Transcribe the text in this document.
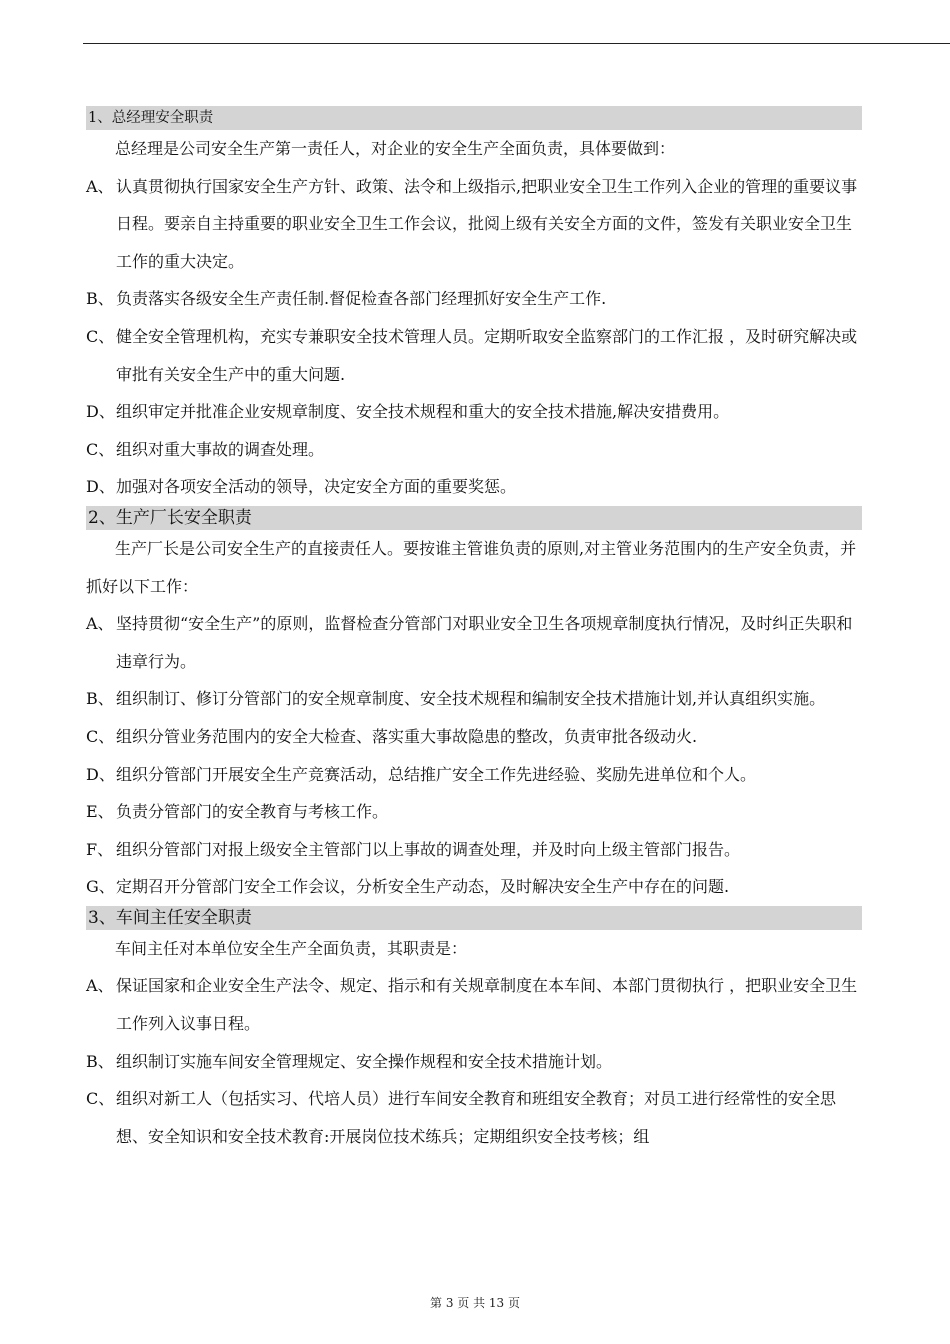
1、总经理安全职责

总经理是公司安全生产第一责任人，对企业的安全生产全面负责，具体要做到：

A、 认真贯彻执行国家安全生产方针、政策、法令和上级指示,把职业安全卫生工作列入企业的管理的重要议事日程。要亲自主持重要的职业安全卫生工作会议，批阅上级有关安全方面的文件，签发有关职业安全卫生工作的重大决定。
B、 负责落实各级安全生产责任制.督促检查各部门经理抓好安全生产工作.
C、 健全安全管理机构，充实专兼职安全技术管理人员。定期听取安全监察部门的工作汇报 ，及时研究解决或审批有关安全生产中的重大问题.
D、 组织审定并批准企业安规章制度、安全技术规程和重大的安全技术措施,解决安措费用。
C、 组织对重大事故的调查处理。
D、 加强对各项安全活动的领导，决定安全方面的重要奖惩。
2、生产厂长安全职责

生产厂长是公司安全生产的直接责任人。要按谁主管谁负责的原则,对主管业务范围内的生产安全负责，并抓好以下工作：

A、 坚持贯彻“安全生产”的原则，监督检查分管部门对职业安全卫生各项规章制度执行情况，及时纠正失职和违章行为。
B、 组织制订、修订分管部门的安全规章制度、安全技术规程和编制安全技术措施计划,并认真组织实施。
C、 组织分管业务范围内的安全大检查、落实重大事故隐患的整改，负责审批各级动火.
D、 组织分管部门开展安全生产竞赛活动，总结推广安全工作先进经验、奖励先进单位和个人。
E、 负责分管部门的安全教育与考核工作。
F、 组织分管部门对报上级安全主管部门以上事故的调查处理，并及时向上级主管部门报告。
G、 定期召开分管部门安全工作会议，分析安全生产动态，及时解决安全生产中存在的问题.
3、车间主任安全职责

车间主任对本单位安全生产全面负责，其职责是：

A、 保证国家和企业安全生产法令、规定、指示和有关规章制度在本车间、本部门贯彻执行 ，把职业安全卫生工作列入议事日程。
B、 组织制订实施车间安全管理规定、安全操作规程和安全技术措施计划。
C、 组织对新工人（包括实习、代培人员）进行车间安全教育和班组安全教育；对员工进行经常性的安全思想、安全知识和安全技术教育:开展岗位技术练兵；定期组织安全技考核；组
第 3 页 共 13 页
